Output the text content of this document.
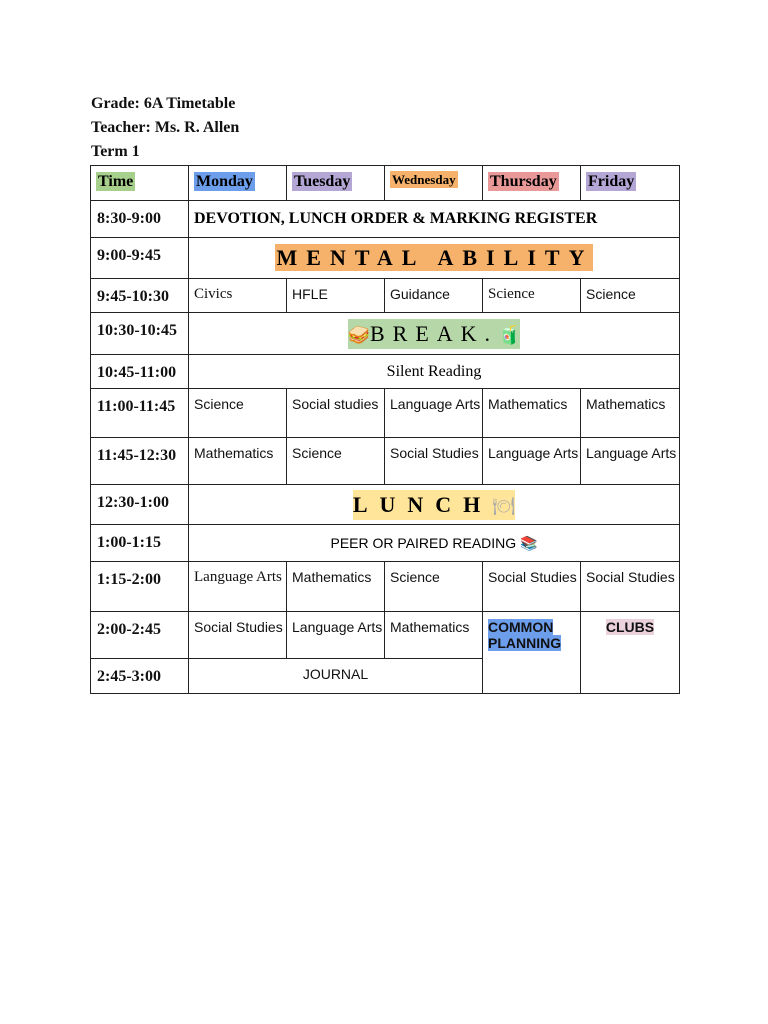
Grade: 6A Timetable
Teacher: Ms. R. Allen
Term 1
Time	Monday	Tuesday	Wednesday	Thursday	Friday
8:30-9:00	DEVOTION, LUNCH ORDER & MARKING REGISTER				
9:00-9:45	MENTAL ABILITY				
9:45-10:30	Civics	HFLE	Guidance	Science	Science
10:30-10:45	🥪BREAK.🧃				
10:45-11:00	Silent Reading				
11:00-11:45	Science	Social studies	Language Arts	Mathematics	Mathematics
11:45-12:30	Mathematics	Science	Social Studies	Language Arts	Language Arts
12:30-1:00	LUNCH🍽				
1:00-1:15	PEER OR PAIRED READING 📚				
1:15-2:00	Language Arts	Mathematics	Science	Social Studies	Social Studies
2:00-2:45	Social Studies	Language Arts	Mathematics	COMMON PLANNING	CLUBS
2:45-3:00	JOURNAL				
